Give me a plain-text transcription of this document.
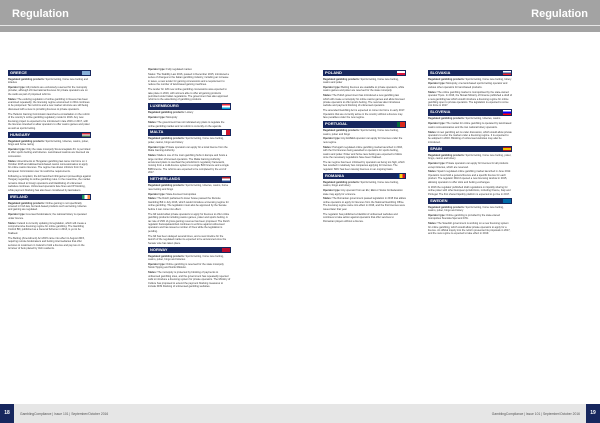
Regulation	Regulation
GREECE

Regulated gambling products: Sports betting, horse race betting and lotteries

Operator type: All products are exclusively reserved for the monopoly provider, although 24 international licences for private operators are on the cards as part of proposed reforms.

Status: The evolving regulation of online gambling in Greece has been examined repeatedly; the licensing regime announced in 2011 continues to be postponed. Tax reforms and a new market structure are still being discussed with a view to providing licences to private operators.

The Hellenic Gaming Commission launched a consultation on the reform of the country's online gambling regulatory model in 2016. Any new licensing project is expected to be introduced in late 2016 or 2017, with the licences intended to allow operators to offer casino games and poker as well as sports betting.

HUNGARY

Regulated gambling products: Sports betting, lotteries, casino, poker, bingo and horse racing

Operator type: Only the state monopoly Szerencsejáték Zrt. is permitted to offer sports betting and lotteries. Land-based casinos are licensed via concession.

Status: Amendments to Hungarian gambling law came into force on 1 October 2015 and allowed land-based casino concessionaires to apply for online casino licences. The regime has drawn criticism from the European Commission over its restrictive requirements.

Following a complaint, the EC launched infringement proceedings against Hungary regarding its online gambling rules. In the meantime, the market remains closed to foreign operators and blacklisting of unlicensed websites continues. Unlicensed operators face fines and IP blocking, while payment blocking has also been considered by lawmakers.

IRELAND

Regulated gambling products: Online gaming is not specifically covered in Irish law, but land-based products such as betting, lotteries and gaming are regulated.

Operator type: Licensed bookmakers; the national lottery is operated under licence.

Status: Ireland is currently updating its legislation, which will create a comprehensive licensing regime for online gambling. The Gambling Control Bill, published as a General Scheme in 2013, is yet to be finalised.

The Betting (Amendment) Act 2015 came into effect in August 2015, requiring remote bookmakers and betting intermediaries that offer services to customers in Ireland to hold a licence and pay tax on the turnover of bets placed by Irish residents.

Operator type: Fully regulated market.

Status: The Stability Law 2016, passed in December 2015, introduced a series of changes to the Italian gambling industry, including an increase in taxes, a new tender for gaming concessions and a requirement to reduce the number of land-based gaming machines.

The tender for 120 new online gambling concessions was expected to take place in 2016, with winners able to offer all gaming products permitted under Italian regulations. The government has also approved reforms to the advertising of gambling products.

LUXEMBOURG

Regulated gambling products: Lottery

Operator type: Monopoly

Status: The government has not indicated any plans to regulate the online gambling market and no reform is currently on the agenda.

MALTA

Regulated gambling products: Sports betting, horse race betting, poker, casino, bingo and lottery

Operator type: Private operators can apply for a local licence from the Malta Gaming Authority.

Status: Malta is one of the main gambling hubs in Europe and hosts a large number of licensed operators. The Malta Gaming Authority announced plans to overhaul the jurisdiction's regulatory framework, moving from a multi-licence system to a single B2C licence and a single B2B licence. The reforms are expected to be completed by the end of 2017.

NETHERLANDS

Regulated gambling products: Sports betting, lotteries, casino, horse race betting and bingo

Operator type: State-licensed monopolies

Status: The Dutch parliament's lower house passed the Remote Gambling Bill in July 2016, which would introduce a licensing regime for online gambling. The legislation must also be approved by the Senate before it can come into effect.

The bill would allow private operators to apply for licences to offer online gambling products including casino games, poker and sports betting. A tax rate of 29% of gross gaming revenue has been proposed. The Dutch regulator Kansspelautoriteit continues to enforce against unlicensed operators and has issued a number of fines while the legislation is pending.

The bill has been delayed several times, and a new timeline for the launch of the regulated market is expected to be announced once the Senate vote has taken place.

NORWAY

Regulated gambling products: Sports betting, horse race betting, casino, poker, bingo and lotteries

Operator type: Online gambling is reserved for the state monopoly Norsk Tipping and Norsk Rikstoto.

Status: The monopoly is protected by blocking of payments to unlicensed gambling sites, and the government has repeatedly rejected calls to introduce a licensing system for private operators. The Ministry of Culture has proposed to extend the payment blocking measures to include DNS blocking of unlicensed gambling websites.

POLAND

Regulated gambling products: Sports betting, horse race betting, casino and poker

Operator type: Betting licences are available to private operators, while casino games and poker are reserved for the state monopoly.

Status: The Polish government has introduced a new gambling law which will create a monopoly for online casino games and allow licensed private operators to offer sports betting. The new law also introduces website and payment blocking of unlicensed operators.

The amended Gambling Act is expected to come into force in early 2017. Operators that are currently active in the country without a licence may face penalties under the new regime.

PORTUGAL

Regulated gambling products: Sports betting, horse race betting, casino, poker and bingo

Operator type: Any EU/EEA operator can apply for licences under the new regime.

Status: Portugal's regulated online gambling market launched in 2016, with the first licences being awarded to operators for sports betting, casino and poker. Poker and horse race betting are expected to follow once the necessary regulations have been finalised.

The tax regime has been criticised by operators as being too high, which has resulted in relatively few companies applying for licences. The regulator SRIJ has been issuing licences on an ongoing basis.

ROMANIA

Regulated gambling products: Sports betting, horse race betting, casino, bingo and lottery

Operator type: Any operator from an EU, EEA or Swiss Confederation state may apply for a licence.

Status: The Romanian government passed legislation in 2015 that allows online operators to apply for licences from the National Gambling Office. The licensing regime came into effect in 2016, and the first licences were issued later that year.

The regulator has published a blacklist of unlicensed websites and continues to take action against operators that offer services to Romanian players without a licence.

SLOVAKIA

Regulated gambling products: Sports betting, horse race betting, lottery

Operator type: Monopoly, one land-based sports betting operator and various other operators for land-based products.

Status: The online gambling market is monopolised by the state-owned operator Tipos. In 2016, the Slovak Ministry of Finance published a draft of a new gambling law which would introduce a licensing regime for online gambling open to private operators. The legislation is expected to come into force in 2017.

SLOVENIA

Regulated gambling products: Sports betting, lotteries, casino

Operator type: The market for online gambling is operated by land-based casino concessionaires and the two national lottery operators.

Status: A new gambling act is under discussion, which would allow private operators to enter the market under a licensing regime. It is expected to be adopted in 2016. Blocking of unlicensed websites may also be introduced.

SPAIN

Regulated gambling products: Sports betting, horse race betting, poker, bingo, casino and lottery

Operator type: Private operators can apply for licences for all products except lotteries, which are reserved.

Status: Spain's regulated online gambling market launched in June 2012. Operators must hold a general licence and a specific licence for each product. The regulator DGOJ opened a new licensing window in 2015, allowing operators to offer slots and betting exchanges.

In 2016 the regulator published draft regulations on liquidity sharing for online poker with other European jurisdictions, including France, Italy and Portugal. The first shared liquidity platform is expected to go live in 2017.

SWEDEN

Regulated gambling products: Sports betting, horse race betting, casino, poker, bingo and lottery

Operator type: Online gambling is provided by the state-owned monopolies Svenska Spel and ATG.

Status: The Swedish government is working on a new licensing system for online gambling, which would allow private operators to apply for a licence. An official inquiry into the reform presented its proposals in 2017, and the new regime is expected to take effect in 2019.

18	GamblingCompliance | Issue 101 | September/October 2016	GamblingCompliance | Issue 101 | September/October 2016	19
